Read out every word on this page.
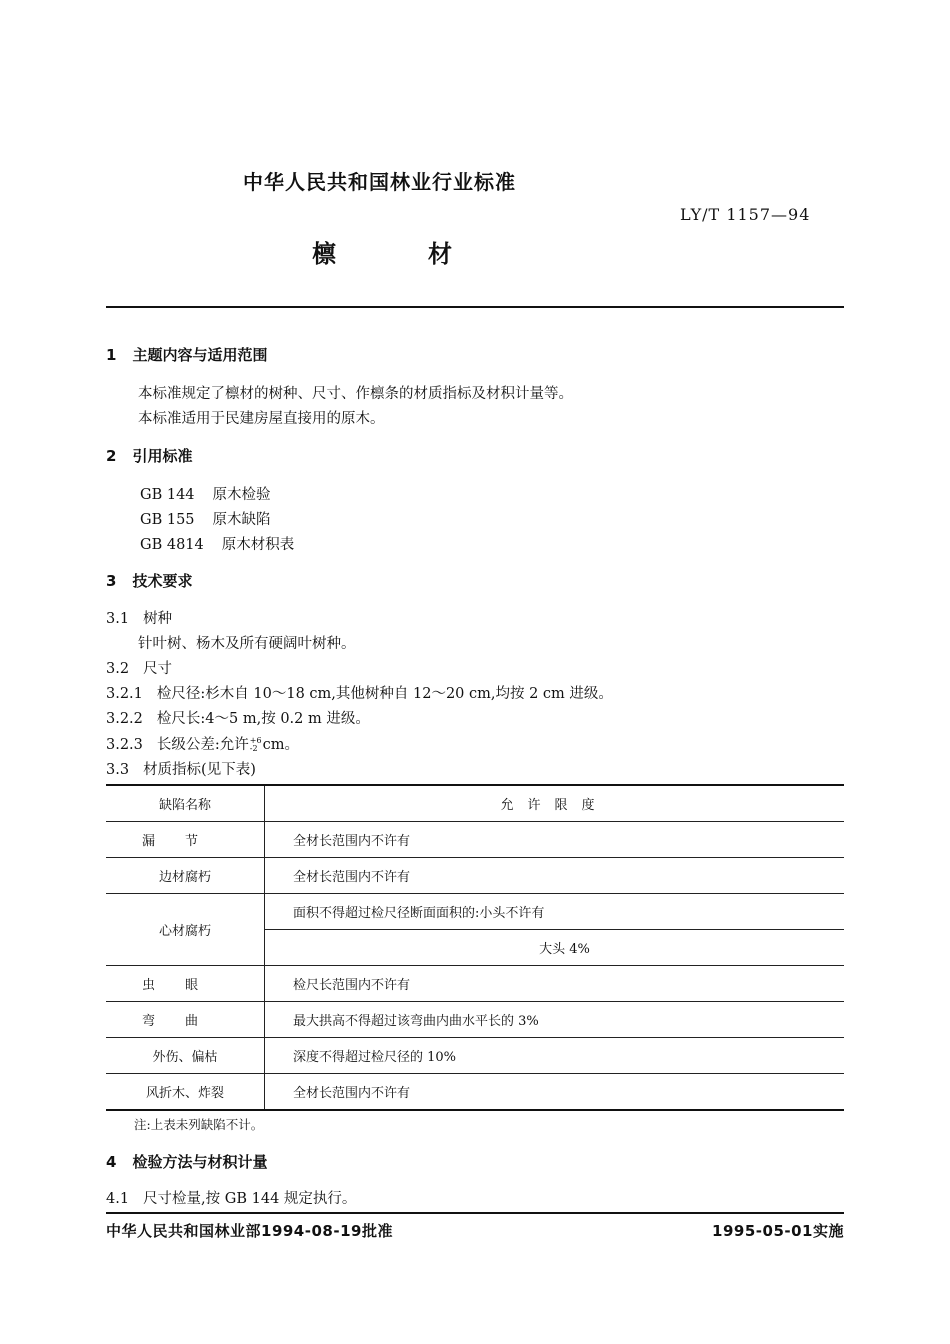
中华人民共和国林业行业标准
LY/T 1157—94
檩	材
1 主题内容与适用范围
本标准规定了檩材的树种、尺寸、作檩条的材质指标及材积计量等。
本标准适用于民建房屋直接用的原木。
2 引用标准
GB 144 原木检验
GB 155 原木缺陷
GB 4814 原木材积表
3 技术要求
3.1 树种
针叶树、杨木及所有硬阔叶树种。
3.2 尺寸
3.2.1 检尺径:杉木自 10～18 cm,其他树种自 12～20 cm,均按 2 cm 进级。
3.2.2 检尺长:4～5 m,按 0.2 m 进级。
3.2.3 长级公差:允许 +6
-2 cm。
3.3 材质指标(见下表)
缺陷名称	允许限度
漏节	全材长范围内不许有
边材腐朽	全材长范围内不许有
心材腐朽	面积不得超过检尺径断面面积的:小头不许有
	大头 4%
虫眼	检尺长范围内不许有
弯曲	最大拱高不得超过该弯曲内曲水平长的 3%
外伤、偏枯	深度不得超过检尺径的 10%
风折木、炸裂	全材长范围内不许有
注:上表未列缺陷不计。
4 检验方法与材积计量
4.1 尺寸检量,按 GB 144 规定执行。
中华人民共和国林业部1994-08-19批准	1995-05-01实施
